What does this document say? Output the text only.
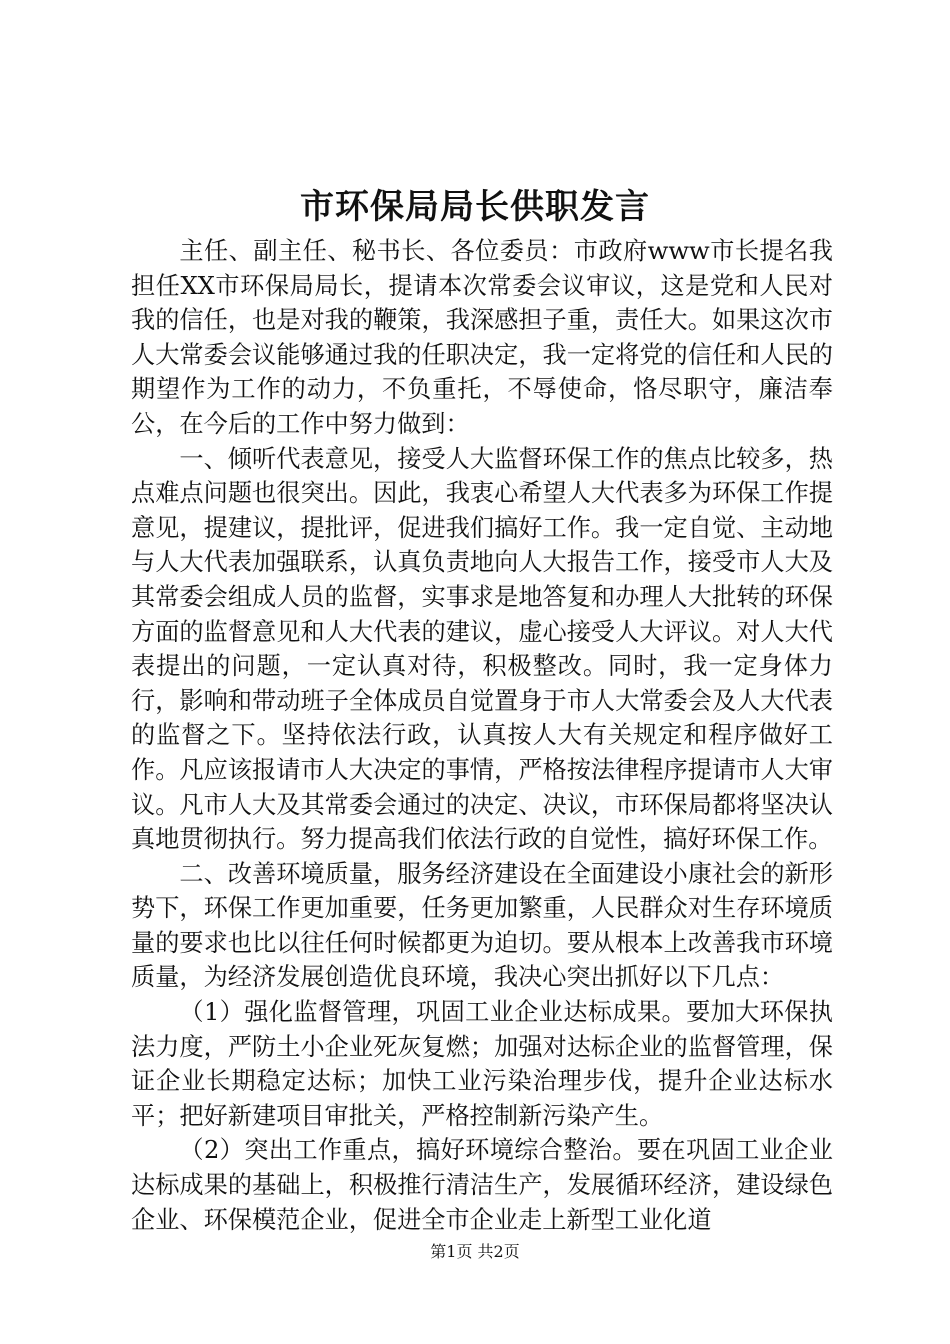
市环保局局长供职发言

主任、副主任、秘书长、各位委员：市政府www市长提名我担任XX市环保局局长，提请本次常委会议审议，这是党和人民对我的信任，也是对我的鞭策，我深感担子重，责任大。如果这次市人大常委会议能够通过我的任职决定，我一定将党的信任和人民的期望作为工作的动力，不负重托，不辱使命，恪尽职守，廉洁奉公，在今后的工作中努力做到：

一、倾听代表意见，接受人大监督环保工作的焦点比较多，热点难点问题也很突出。因此，我衷心希望人大代表多为环保工作提意见，提建议，提批评，促进我们搞好工作。我一定自觉、主动地与人大代表加强联系，认真负责地向人大报告工作，接受市人大及其常委会组成人员的监督，实事求是地答复和办理人大批转的环保方面的监督意见和人大代表的建议，虚心接受人大评议。对人大代表提出的问题，一定认真对待，积极整改。同时，我一定身体力行，影响和带动班子全体成员自觉置身于市人大常委会及人大代表的监督之下。坚持依法行政，认真按人大有关规定和程序做好工作。凡应该报请市人大决定的事情，严格按法律程序提请市人大审议。凡市人大及其常委会通过的决定、决议，市环保局都将坚决认真地贯彻执行。努力提高我们依法行政的自觉性，搞好环保工作。

二、改善环境质量，服务经济建设在全面建设小康社会的新形势下，环保工作更加重要，任务更加繁重，人民群众对生存环境质量的要求也比以往任何时候都更为迫切。要从根本上改善我市环境质量，为经济发展创造优良环境，我决心突出抓好以下几点：

（1）强化监督管理，巩固工业企业达标成果。要加大环保执法力度，严防土小企业死灰复燃；加强对达标企业的监督管理，保证企业长期稳定达标；加快工业污染治理步伐，提升企业达标水平；把好新建项目审批关，严格控制新污染产生。

（2）突出工作重点，搞好环境综合整治。要在巩固工业企业达标成果的基础上，积极推行清洁生产，发展循环经济，建设绿色企业、环保模范企业，促进全市企业走上新型工业化道

第1页 共2页
